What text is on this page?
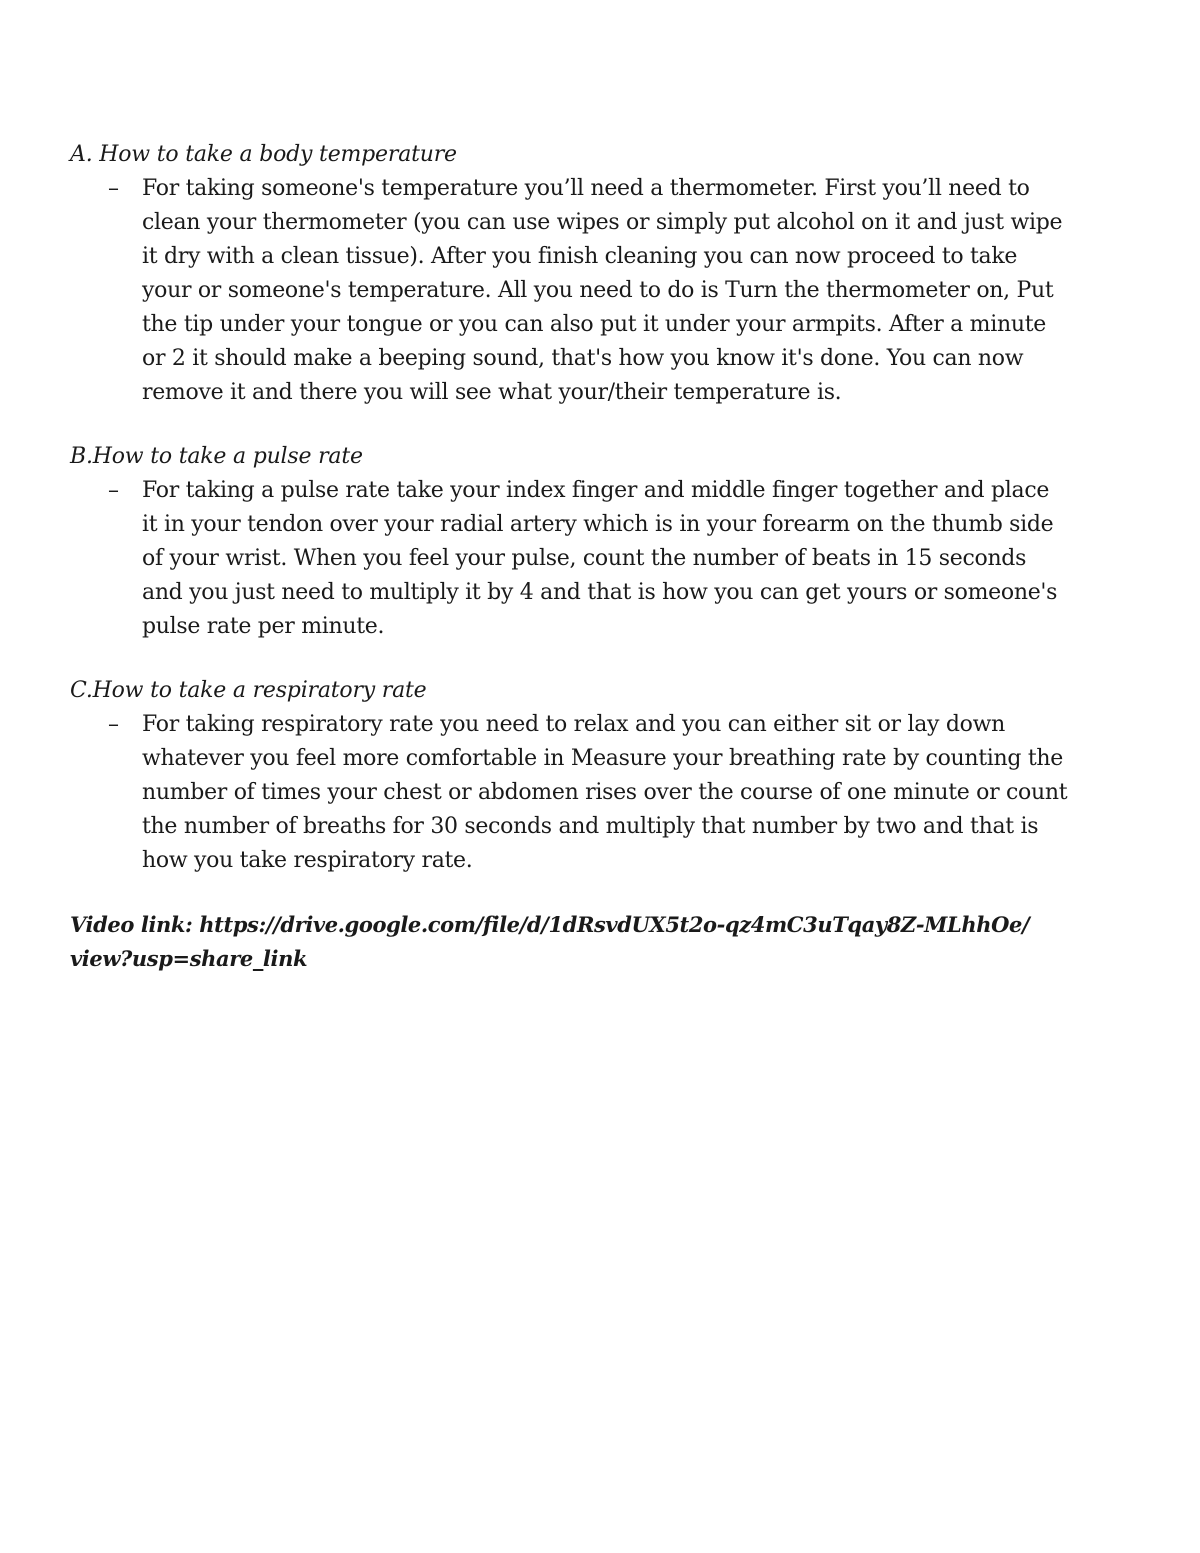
A. How to take a body temperature

– For taking someone's temperature you’ll need a thermometer. First you’ll need to clean your thermometer (you can use wipes or simply put alcohol on it and just wipe it dry with a clean tissue). After you finish cleaning you can now proceed to take your or someone's temperature. All you need to do is Turn the thermometer on, Put the tip under your tongue or you can also put it under your armpits. After a minute or 2 it should make a beeping sound, that's how you know it's done. You can now remove it and there you will see what your/their temperature is.

B.How to take a pulse rate

– For taking a pulse rate take your index finger and middle finger together and place it in your tendon over your radial artery which is in your forearm on the thumb side of your wrist. When you feel your pulse, count the number of beats in 15 seconds and you just need to multiply it by 4 and that is how you can get yours or someone's pulse rate per minute.

C.How to take a respiratory rate

– For taking respiratory rate you need to relax and you can either sit or lay down whatever you feel more comfortable in Measure your breathing rate by counting the number of times your chest or abdomen rises over the course of one minute or count the number of breaths for 30 seconds and multiply that number by two and that is how you take respiratory rate.

Video link: https://drive.google.com/file/d/1dRsvdUX5t2o-qz4mC3uTqay8Z-MLhhOe/view?usp=share_link
